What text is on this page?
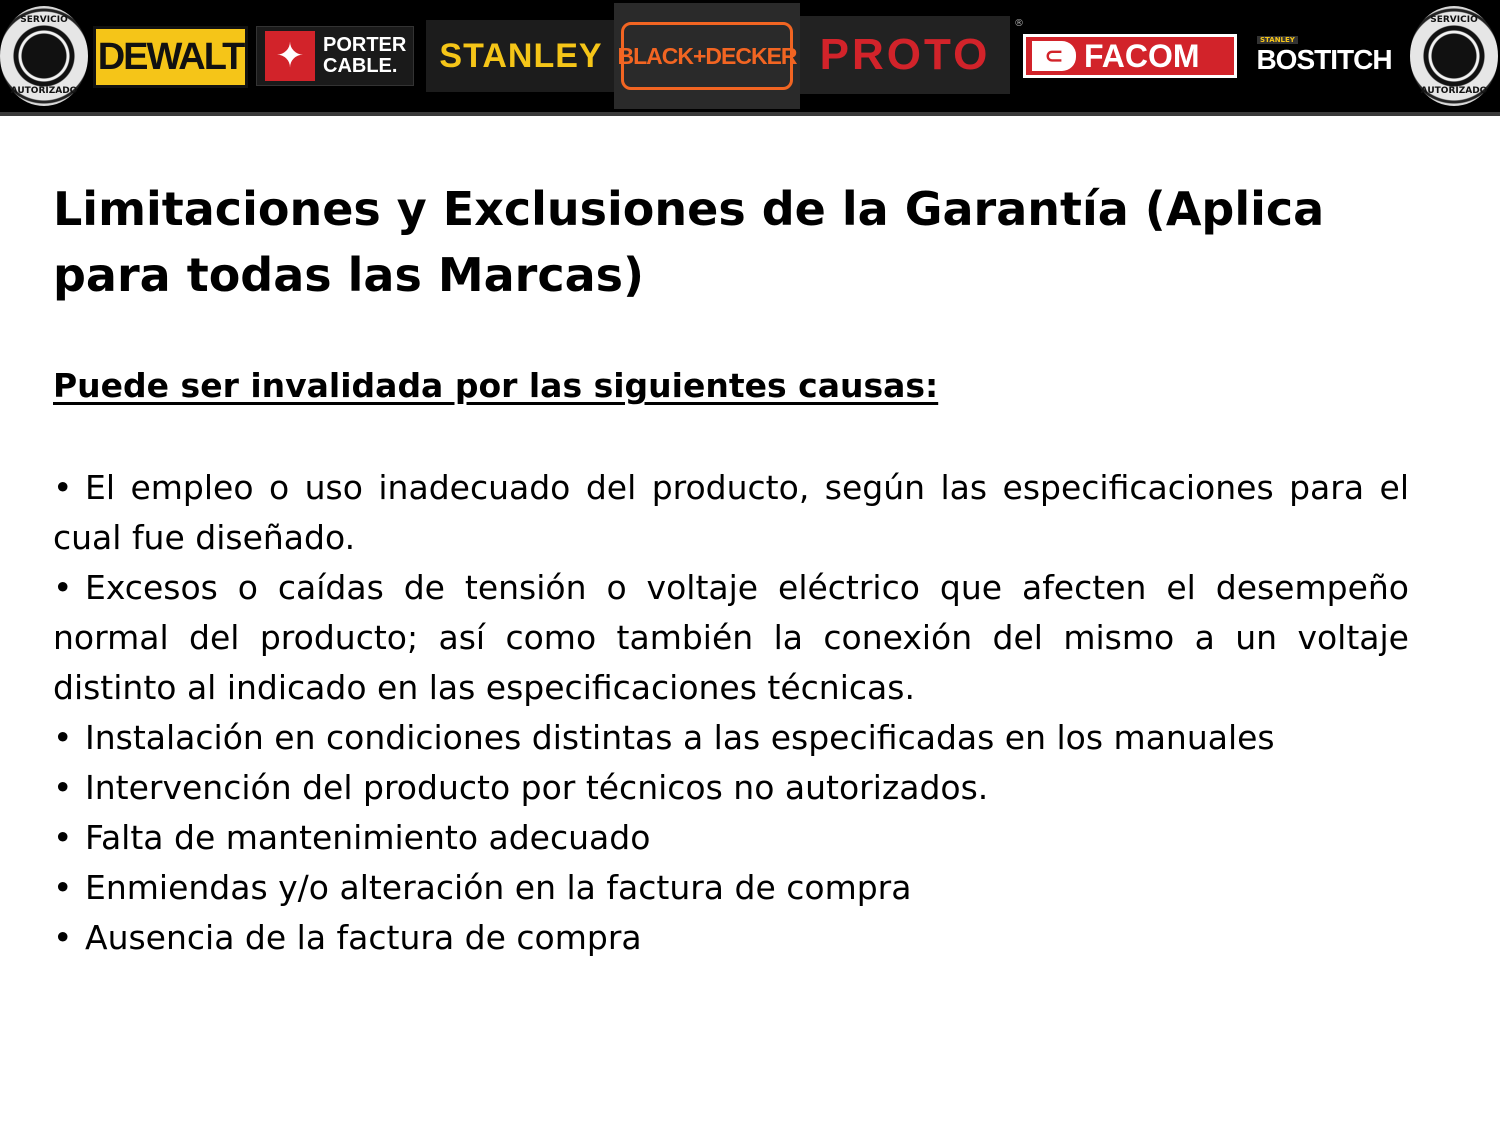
SERVICIO
AUTORIZADO
DEWALT ✦ PORTER
CABLE.	STANLEY BLACK+DECKER PROTO
®
⊂ FACOM	STANLEY
BOSTITCH
SERVICIO
AUTORIZADO
Limitaciones y Exclusiones de la Garantía (Aplica para todas las Marcas)
Puede ser invalidada por las siguientes causas:
• El empleo o uso inadecuado del producto, según las especificaciones para el cual fue diseñado.
• Excesos o caídas de tensión o voltaje eléctrico que afecten el desempeño normal del producto; así como también la conexión del mismo a un voltaje distinto al indicado en las especificaciones técnicas.
• Instalación en condiciones distintas a las especificadas en los manuales
• Intervención del producto por técnicos no autorizados.
• Falta de mantenimiento adecuado
• Enmiendas y/o alteración en la factura de compra
• Ausencia de la factura de compra
